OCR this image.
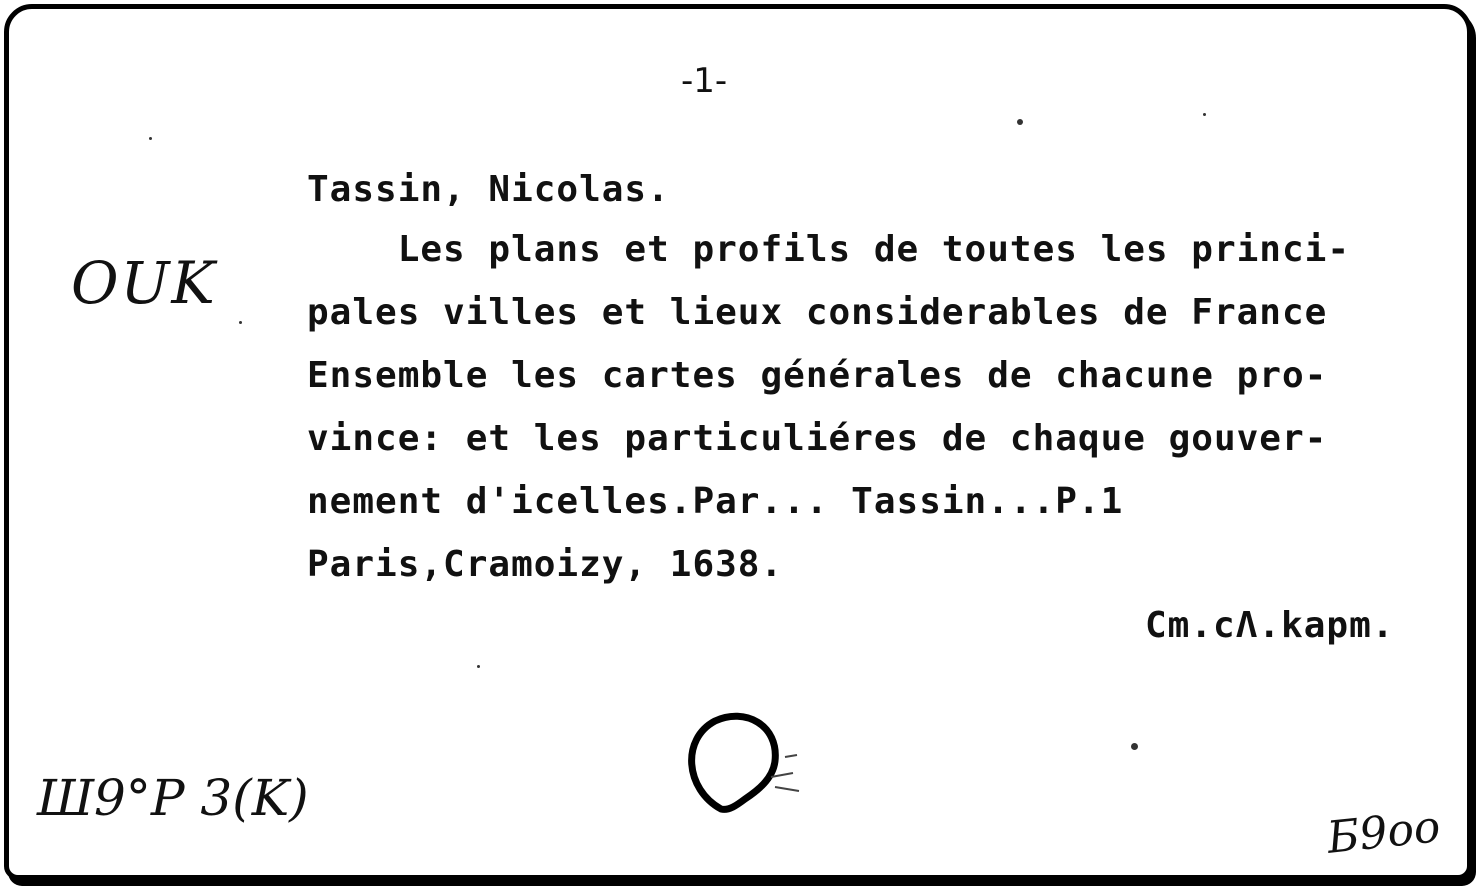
-1-
OUK
Tassin, Nicolas.
Les plans et profils de toutes les princi-
pales villes et lieux considerables de France
Ensemble les cartes générales de chacune pro-
vince: et les particuliéres de chaque gouver-
nement d'icelles.Par... Tassin...P.1
Paris,Cramoizy, 1638.
Cm.cΛ.kapm.
Ш9°P 3(K)
Б9oo
